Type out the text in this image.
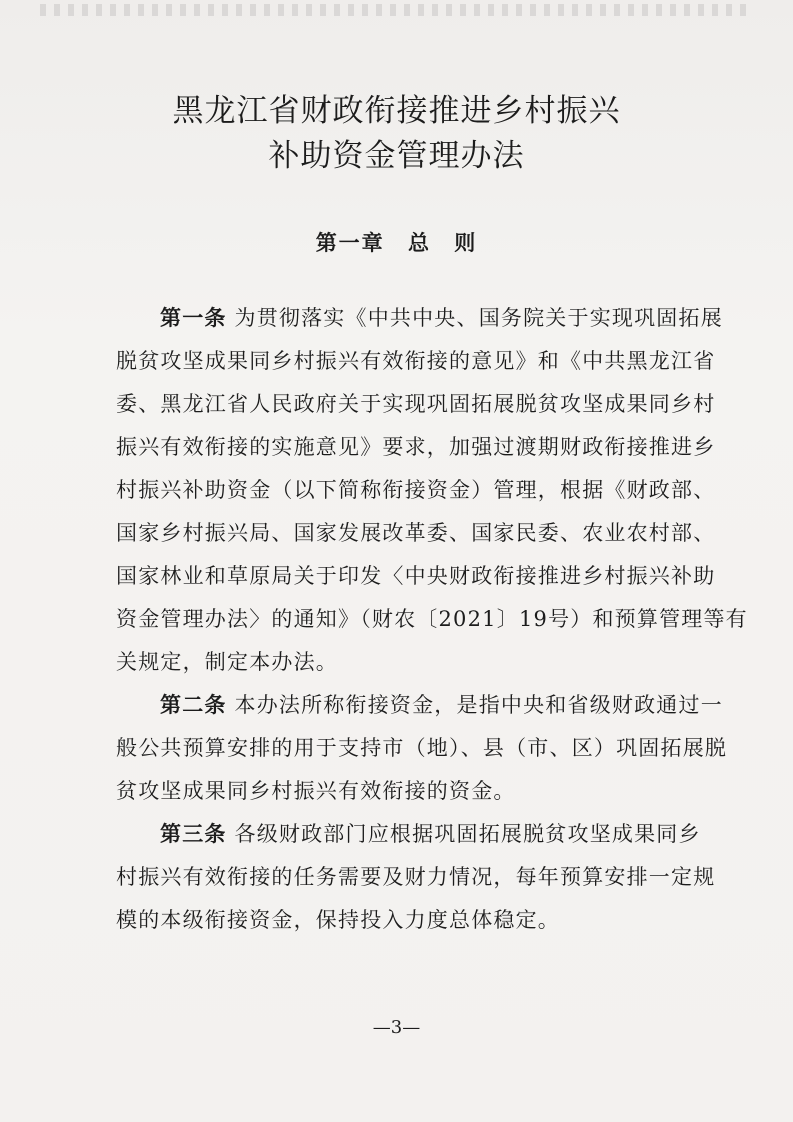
黑龙江省财政衔接推进乡村振兴
补助资金管理办法
第一章 总 则
第一条 为贯彻落实《中共中央、国务院关于实现巩固拓展
脱贫攻坚成果同乡村振兴有效衔接的意见》和《中共黑龙江省
委、黑龙江省人民政府关于实现巩固拓展脱贫攻坚成果同乡村
振兴有效衔接的实施意见》要求，加强过渡期财政衔接推进乡
村振兴补助资金（以下简称衔接资金）管理，根据《财政部、
国家乡村振兴局、国家发展改革委、国家民委、农业农村部、
国家林业和草原局关于印发〈中央财政衔接推进乡村振兴补助
资金管理办法〉的通知》（财农〔2021〕19号）和预算管理等有
关规定，制定本办法。
第二条 本办法所称衔接资金，是指中央和省级财政通过一
般公共预算安排的用于支持市（地）、县（市、区）巩固拓展脱
贫攻坚成果同乡村振兴有效衔接的资金。
第三条 各级财政部门应根据巩固拓展脱贫攻坚成果同乡
村振兴有效衔接的任务需要及财力情况，每年预算安排一定规
模的本级衔接资金，保持投入力度总体稳定。
—3—
